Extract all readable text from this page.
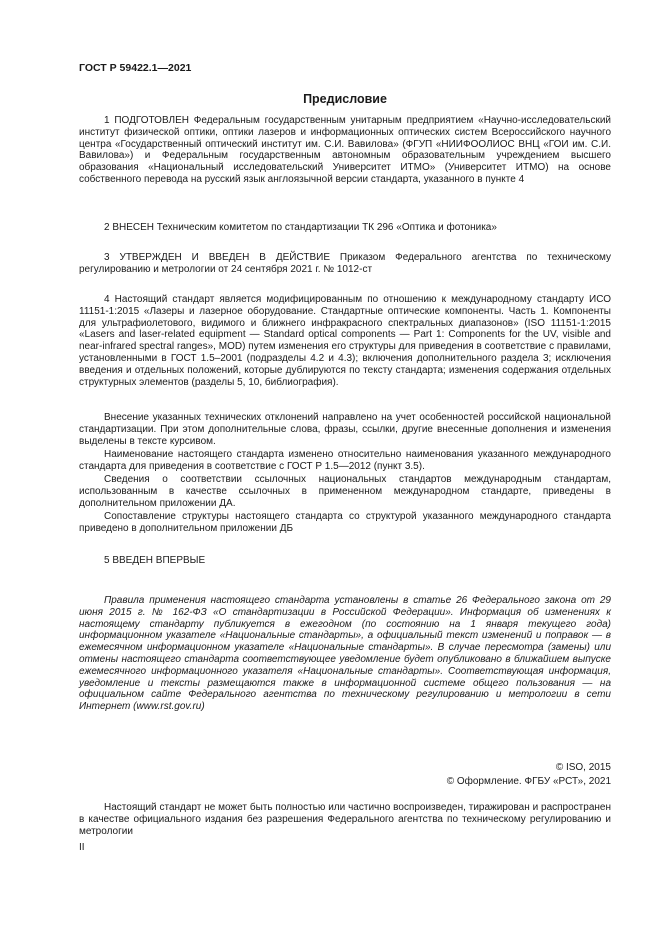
ГОСТ Р 59422.1—2021
Предисловие
1 ПОДГОТОВЛЕН Федеральным государственным унитарным предприятием «Научно-исследовательский институт физической оптики, оптики лазеров и информационных оптических систем Всероссийского научного центра «Государственный оптический институт им. С.И. Вавилова» (ФГУП «НИИФООЛИОС ВНЦ «ГОИ им. С.И. Вавилова») и Федеральным государственным автономным образовательным учреждением высшего образования «Национальный исследовательский Университет ИТМО» (Университет ИТМО) на основе собственного перевода на русский язык англоязычной версии стандарта, указанного в пункте 4
2 ВНЕСЕН Техническим комитетом по стандартизации ТК 296 «Оптика и фотоника»
3 УТВЕРЖДЕН И ВВЕДЕН В ДЕЙСТВИЕ Приказом Федерального агентства по техническому регулированию и метрологии от 24 сентября 2021 г. № 1012-ст
4 Настоящий стандарт является модифицированным по отношению к международному стандарту ИСО 11151-1:2015 «Лазеры и лазерное оборудование. Стандартные оптические компоненты. Часть 1. Компоненты для ультрафиолетового, видимого и ближнего инфракрасного спектральных диапазонов» (ISO 11151-1:2015 «Lasers and laser-related equipment — Standard optical components — Part 1: Components for the UV, visible and near-infrared spectral ranges», MOD) путем изменения его структуры для приведения в соответствие с правилами, установленными в ГОСТ 1.5–2001 (подразделы 4.2 и 4.3); включения дополнительного раздела 3; исключения введения и отдельных положений, которые дублируются по тексту стандарта; изменения содержания отдельных структурных элементов (разделы 5, 10, библиография).
Внесение указанных технических отклонений направлено на учет особенностей российской национальной стандартизации. При этом дополнительные слова, фразы, ссылки, другие внесенные дополнения и изменения выделены в тексте курсивом.
Наименование настоящего стандарта изменено относительно наименования указанного международного стандарта для приведения в соответствие с ГОСТ Р 1.5—2012 (пункт 3.5).
Сведения о соответствии ссылочных национальных стандартов международным стандартам, использованным в качестве ссылочных в примененном международном стандарте, приведены в дополнительном приложении ДА.
Сопоставление структуры настоящего стандарта со структурой указанного международного стандарта приведено в дополнительном приложении ДБ
5 ВВЕДЕН ВПЕРВЫЕ
Правила применения настоящего стандарта установлены в статье 26 Федерального закона от 29 июня 2015 г. № 162-ФЗ «О стандартизации в Российской Федерации». Информация об изменениях к настоящему стандарту публикуется в ежегодном (по состоянию на 1 января текущего года) информационном указателе «Национальные стандарты», а официальный текст изменений и поправок — в ежемесячном информационном указателе «Национальные стандарты». В случае пересмотра (замены) или отмены настоящего стандарта соответствующее уведомление будет опубликовано в ближайшем выпуске ежемесячного информационного указателя «Национальные стандарты». Соответствующая информация, уведомление и тексты размещаются также в информационной системе общего пользования — на официальном сайте Федерального агентства по техническому регулированию и метрологии в сети Интернет (www.rst.gov.ru)
© ISO, 2015
© Оформление. ФГБУ «РСТ», 2021
Настоящий стандарт не может быть полностью или частично воспроизведен, тиражирован и распространен в качестве официального издания без разрешения Федерального агентства по техническому регулированию и метрологии
II
